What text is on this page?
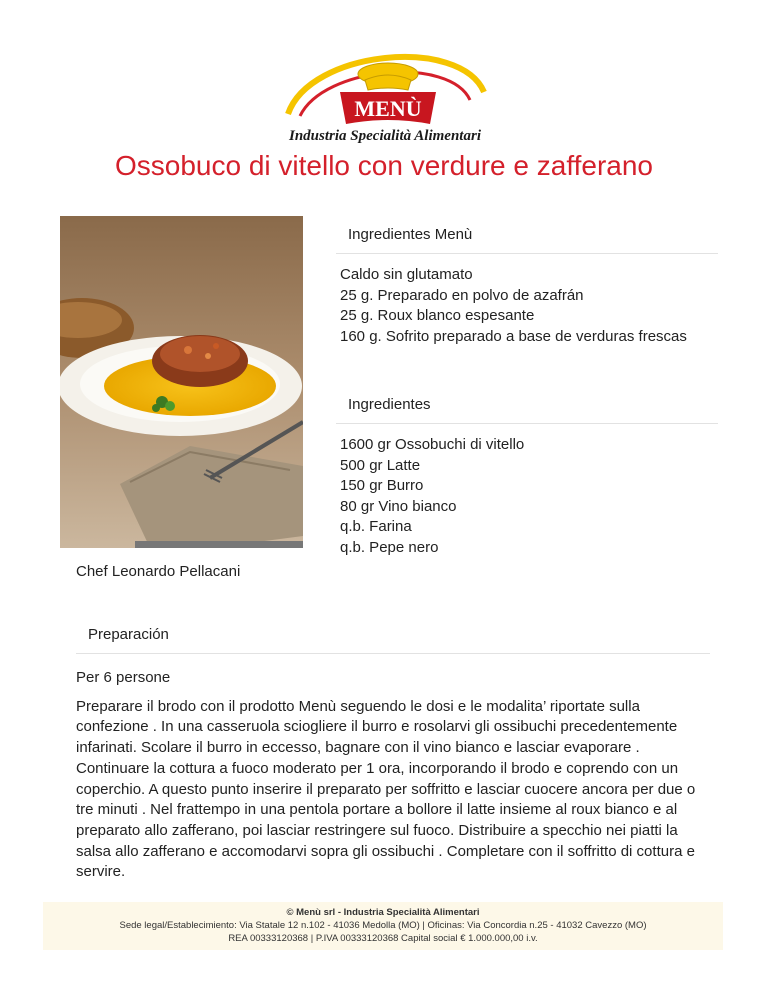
MENÙ
Industria Specialità Alimentari
Ossobuco di vitello con verdure e zafferano
Chef Leonardo Pellacani
Ingredientes Menù
Caldo sin glutamato
25 g. Preparado en polvo de azafrán
25 g. Roux blanco espesante
160 g. Sofrito preparado a base de verduras frescas
Ingredientes
1600 gr Ossobuchi di vitello
500 gr Latte
150 gr Burro
80 gr Vino bianco
q.b. Farina
q.b. Pepe nero
Preparación

Per 6 persone

Preparare il brodo con il prodotto Menù seguendo le dosi e le modalita’ riportate sulla confezione . In una casseruola sciogliere il burro e rosolarvi gli ossibuchi precedentemente infarinati. Scolare il burro in eccesso, bagnare con il vino bianco e lasciar evaporare . Continuare la cottura a fuoco moderato per 1 ora, incorporando il brodo e coprendo con un coperchio. A questo punto inserire il preparato per soffritto e lasciar cuocere ancora per due o tre minuti . Nel frattempo in una pentola portare a bollore il latte insieme al roux bianco e al preparato allo zafferano, poi lasciar restringere sul fuoco. Distribuire a specchio nei piatti la salsa allo zafferano e accomodarvi sopra gli ossibuchi . Completare con il soffritto di cottura e servire.

© Menù srl - Industria Specialità Alimentari
Sede legal/Establecimiento: Via Statale 12 n.102 - 41036 Medolla (MO) | Oficinas: Via Concordia n.25 - 41032 Cavezzo (MO)
REA 00333120368 | P.IVA 00333120368 Capital social € 1.000.000,00 i.v.
